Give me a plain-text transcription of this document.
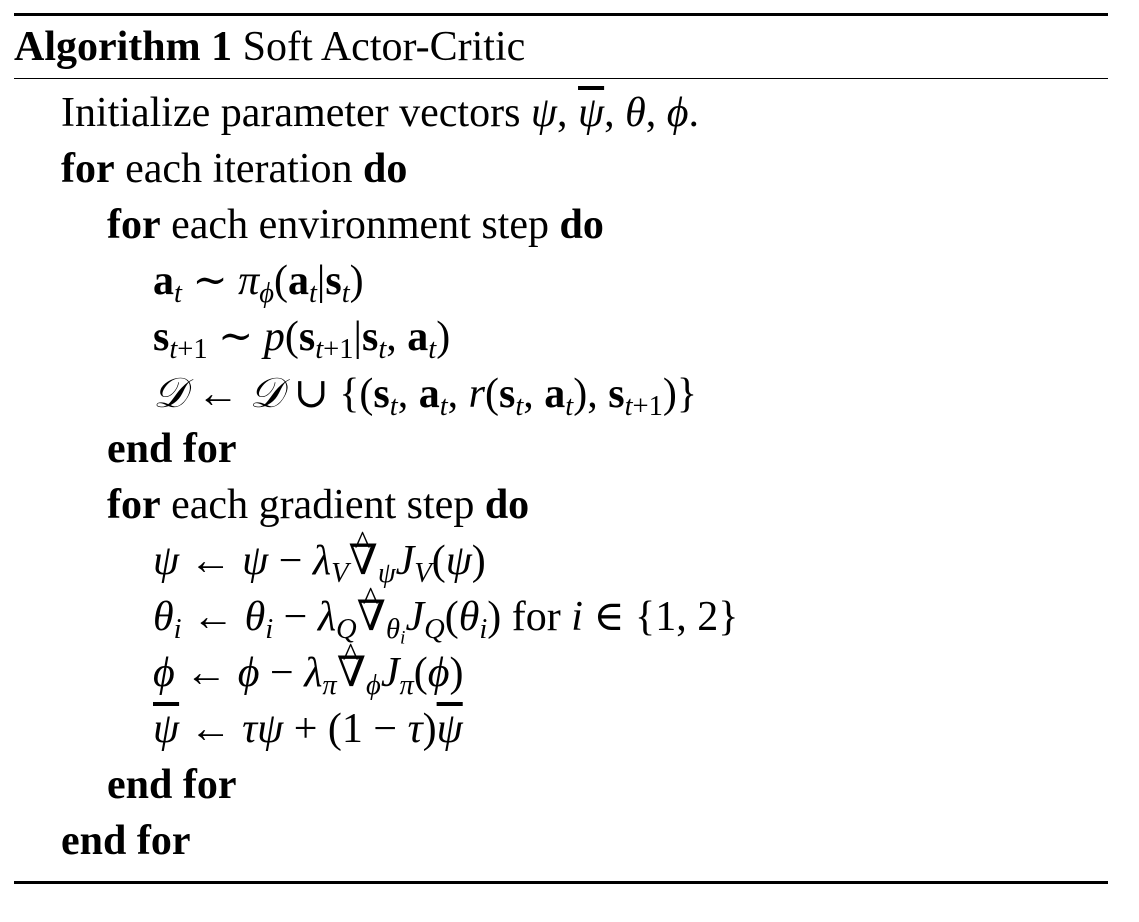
Algorithm 1 Soft Actor-Critic
Initialize parameter vectors ψ, $\overline{\psi}$, θ, ϕ.
for each iteration do
for each environment step do
$a_t$ ∼ $\pi_\phi(a_t|s_t)$
$s_{t+1}$ ∼ $p(s_{t+1}|s_t$, $a_t$)
𝒟 ← 𝒟 ∪ {($s_t$, $a_t$, $r(s_t$, $a_t$), $s_{t+1}$)}
end for
for each gradient step do
ψ ← $\psi - \lambda_V\^{}$ $\nabla_\psi J_V(\psi)$
$\theta_i$ ← $\theta_i$ − $\lambda_Q\^{}$ $\nabla_{\theta_i}J_Q(\theta_i)$ for i ∈ {1, 2}
ϕ ← $\phi - \lambda_\pi\^{}$ $\nabla_\phi J_\pi(\phi)$
$\overline{\psi}$ ← $\tau\psi + (1 - \tau)\overline{\psi}$
end for
end for
